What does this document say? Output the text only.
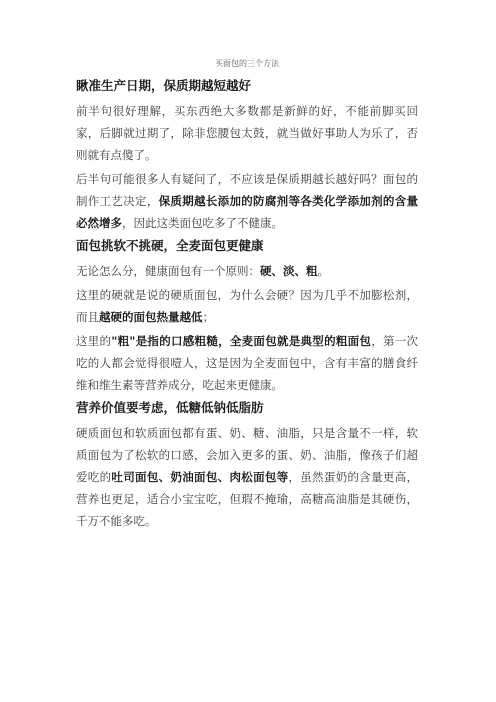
买面包的三个方法
瞅准生产日期，保质期越短越好
前半句很好理解，买东西绝大多数都是新鲜的好，不能前脚买回家，后脚就过期了，除非您腰包太鼓，就当做好事助人为乐了，否则就有点傻了。
后半句可能很多人有疑问了，不应该是保质期越长越好吗？面包的制作工艺决定，保质期越长添加的防腐剂等各类化学添加剂的含量必然增多，因此这类面包吃多了不健康。
面包挑软不挑硬，全麦面包更健康
无论怎么分，健康面包有一个原则：硬、淡、粗。
这里的硬就是说的硬质面包，为什么会硬？因为几乎不加膨松剂，而且越硬的面包热量越低；
这里的"粗"是指的口感粗糙，全麦面包就是典型的粗面包，第一次吃的人都会觉得很噎人，这是因为全麦面包中，含有丰富的膳食纤维和维生素等营养成分，吃起来更健康。
营养价值要考虑，低糖低钠低脂肪
硬质面包和软质面包都有蛋、奶、糖、油脂，只是含量不一样，软质面包为了松软的口感，会加入更多的蛋、奶、油脂，像孩子们超爱吃的吐司面包、奶油面包、肉松面包等，虽然蛋奶的含量更高，营养也更足，适合小宝宝吃，但瑕不掩瑜，高糖高油脂是其硬伤，千万不能多吃。
